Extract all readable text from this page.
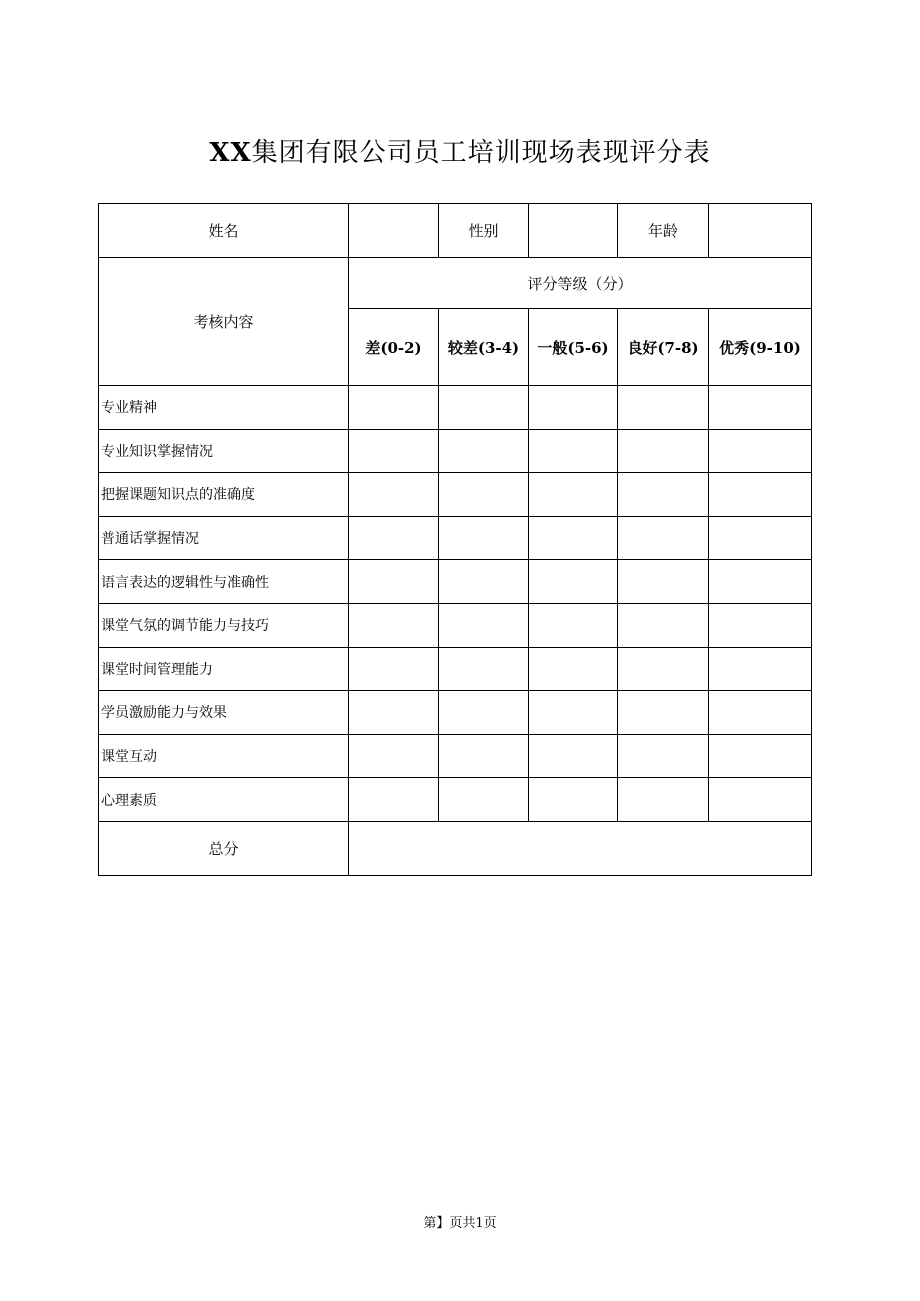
XX集团有限公司员工培训现场表现评分表
姓名		性别		年龄	
考核内容	评分等级（分）				
	差(0-2)	较差(3-4)	一般(5-6)	良好(7-8)	优秀(9-10)
专业精神					
专业知识掌握情况					
把握课题知识点的准确度					
普通话掌握情况					
语言表达的逻辑性与准确性					
课堂气氛的调节能力与技巧					
课堂时间管理能力					
学员激励能力与效果					
课堂互动					
心理素质					
总分					
第】页共1页
